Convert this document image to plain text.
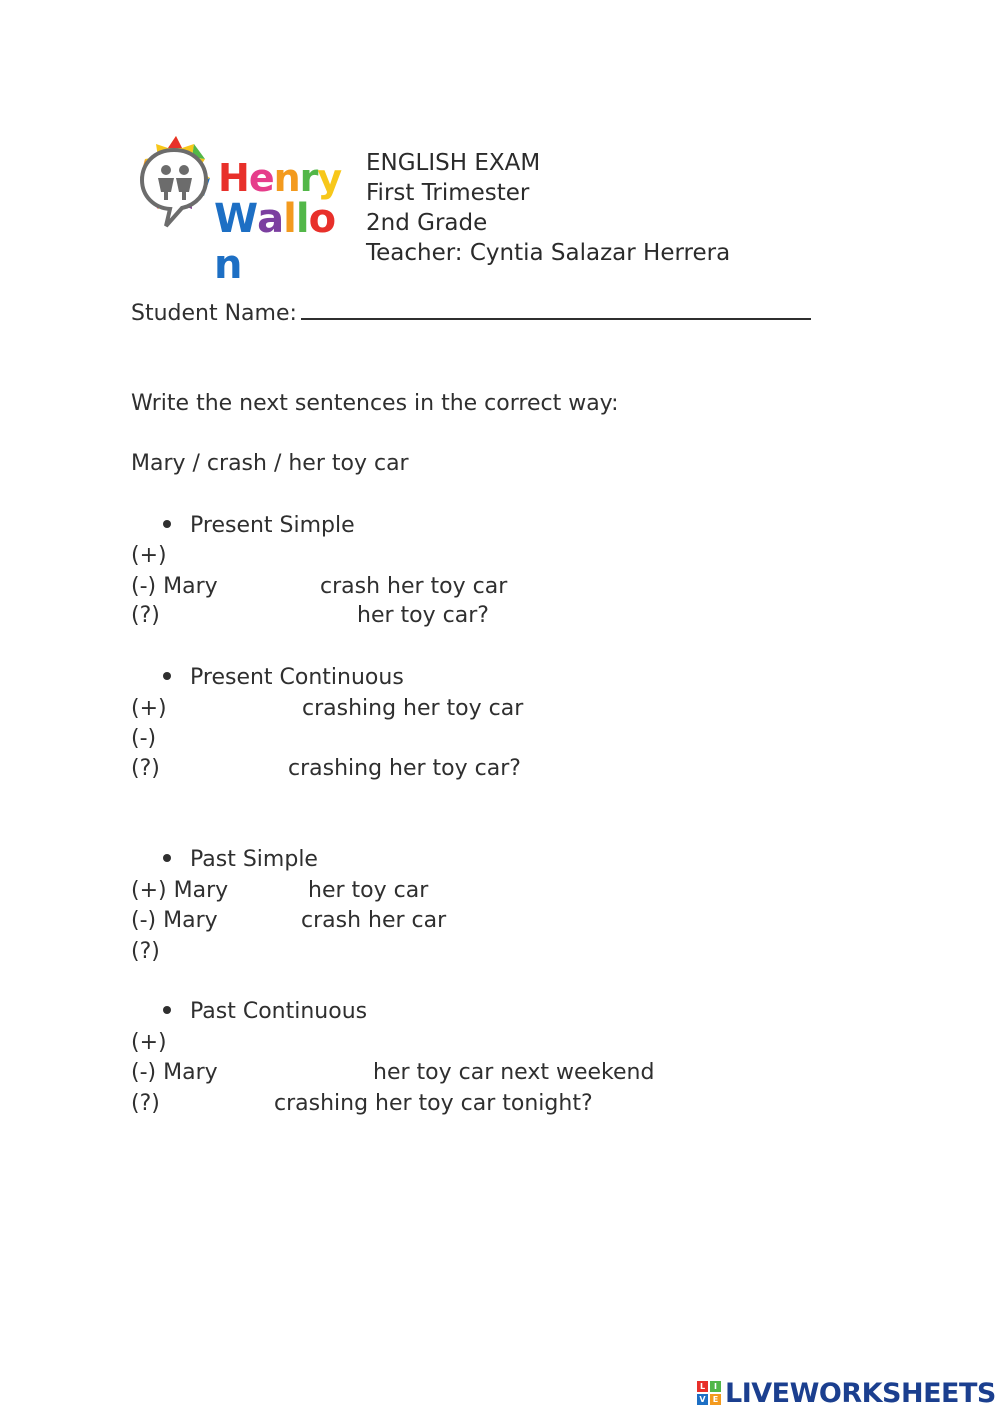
Henry
Wallon
ENGLISH EXAM
First Trimester
2nd Grade
Teacher: Cyntia Salazar Herrera
Student Name:
Write the next sentences in the correct way:
Mary / crash / her toy car
Present Simple
(+)
(-) Mary	crash her toy car
(?)	her toy car?
Present Continuous
(+)	crashing her toy car
(-)
(?)	crashing her toy car?
Past Simple
(+) Mary	her toy car
(-) Mary	crash her car
(?)
Past Continuous
(+)
(-) Mary	her toy car next weekend
(?)	crashing her toy car tonight?
L	I
V E LIVEWORKSHEETS
